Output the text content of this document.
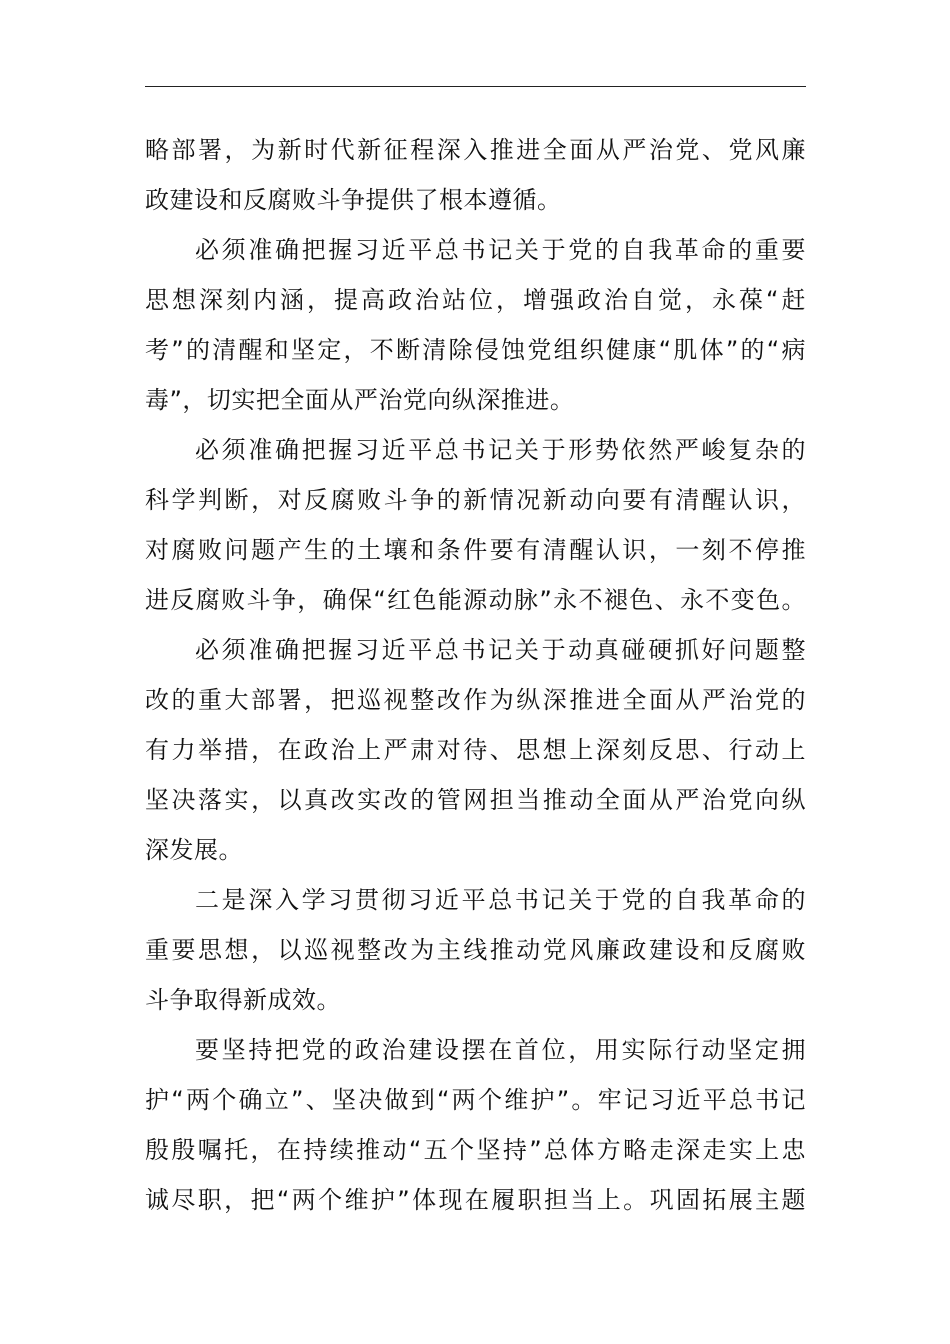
略部署，为新时代新征程深入推进全面从严治党、党风廉
政建设和反腐败斗争提供了根本遵循。
必须准确把握习近平总书记关于党的自我革命的重要
思想深刻内涵，提高政治站位，增强政治自觉，永葆“赶
考”的清醒和坚定，不断清除侵蚀党组织健康“肌体”的“病
毒”，切实把全面从严治党向纵深推进。
必须准确把握习近平总书记关于形势依然严峻复杂的
科学判断，对反腐败斗争的新情况新动向要有清醒认识，
对腐败问题产生的土壤和条件要有清醒认识，一刻不停推
进反腐败斗争，确保“红色能源动脉”永不褪色、永不变色。
必须准确把握习近平总书记关于动真碰硬抓好问题整
改的重大部署，把巡视整改作为纵深推进全面从严治党的
有力举措，在政治上严肃对待、思想上深刻反思、行动上
坚决落实，以真改实改的管网担当推动全面从严治党向纵
深发展。
二是深入学习贯彻习近平总书记关于党的自我革命的
重要思想，以巡视整改为主线推动党风廉政建设和反腐败
斗争取得新成效。
要坚持把党的政治建设摆在首位，用实际行动坚定拥
护“两个确立”、坚决做到“两个维护”。牢记习近平总书记
殷殷嘱托，在持续推动“五个坚持”总体方略走深走实上忠
诚尽职，把“两个维护”体现在履职担当上。巩固拓展主题
